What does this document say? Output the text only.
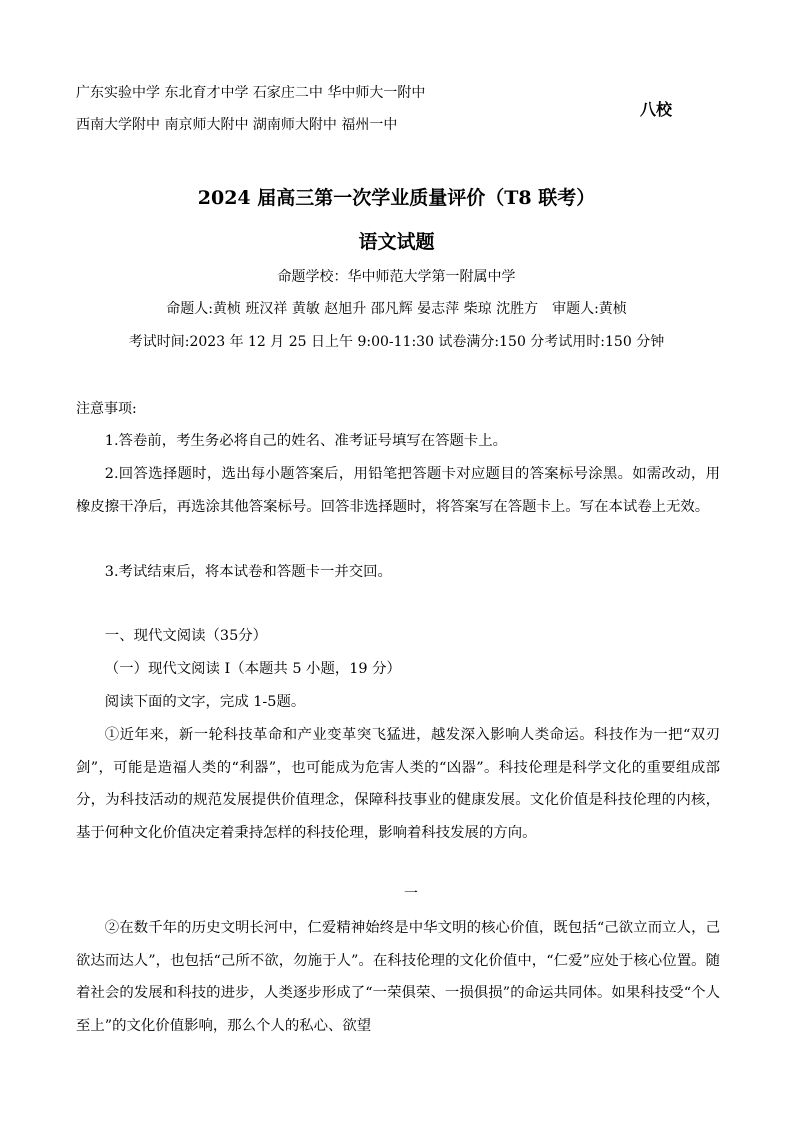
广东实验中学 东北育才中学 石家庄二中 华中师大一附中
西南大学附中 南京师大附中 湖南师大附中 福州一中
八校
2024 届高三第一次学业质量评价（T8 联考）
语文试题
命题学校：华中师范大学第一附属中学
命题人:黄桢 班汉祥 黄敏 赵旭升 邵凡辉 晏志萍 柴琼 沈胜方　审题人:黄桢
考试时间:2023 年 12 月 25 日上午 9:00-11:30 试卷满分:150 分考试用时:150 分钟
注意事项:

1.答卷前，考生务必将自己的姓名、准考证号填写在答题卡上。

2.回答选择题时，选出每小题答案后，用铅笔把答题卡对应题目的答案标号涂黑。如需改动，用橡皮擦干净后，再选涂其他答案标号。回答非选择题时，将答案写在答题卡上。写在本试卷上无效。

3.考试结束后，将本试卷和答题卡一并交回。

一、现代文阅读（35分）

（一）现代文阅读 I（本题共 5 小题，19 分）

阅读下面的文字，完成 1-5题。

①近年来，新一轮科技革命和产业变革突飞猛进，越发深入影响人类命运。科技作为一把“双刃剑”，可能是造福人类的“利器”，也可能成为危害人类的“凶器”。科技伦理是科学文化的重要组成部分，为科技活动的规范发展提供价值理念，保障科技事业的健康发展。文化价值是科技伦理的内核，基于何种文化价值决定着秉持怎样的科技伦理，影响着科技发展的方向。

一

②在数千年的历史文明长河中，仁爱精神始终是中华文明的核心价值，既包括“己欲立而立人，己欲达而达人”，也包括“己所不欲，勿施于人”。在科技伦理的文化价值中，“仁爱”应处于核心位置。随着社会的发展和科技的进步，人类逐步形成了“一荣俱荣、一损俱损”的命运共同体。如果科技受“个人至上”的文化价值影响，那么个人的私心、欲望
